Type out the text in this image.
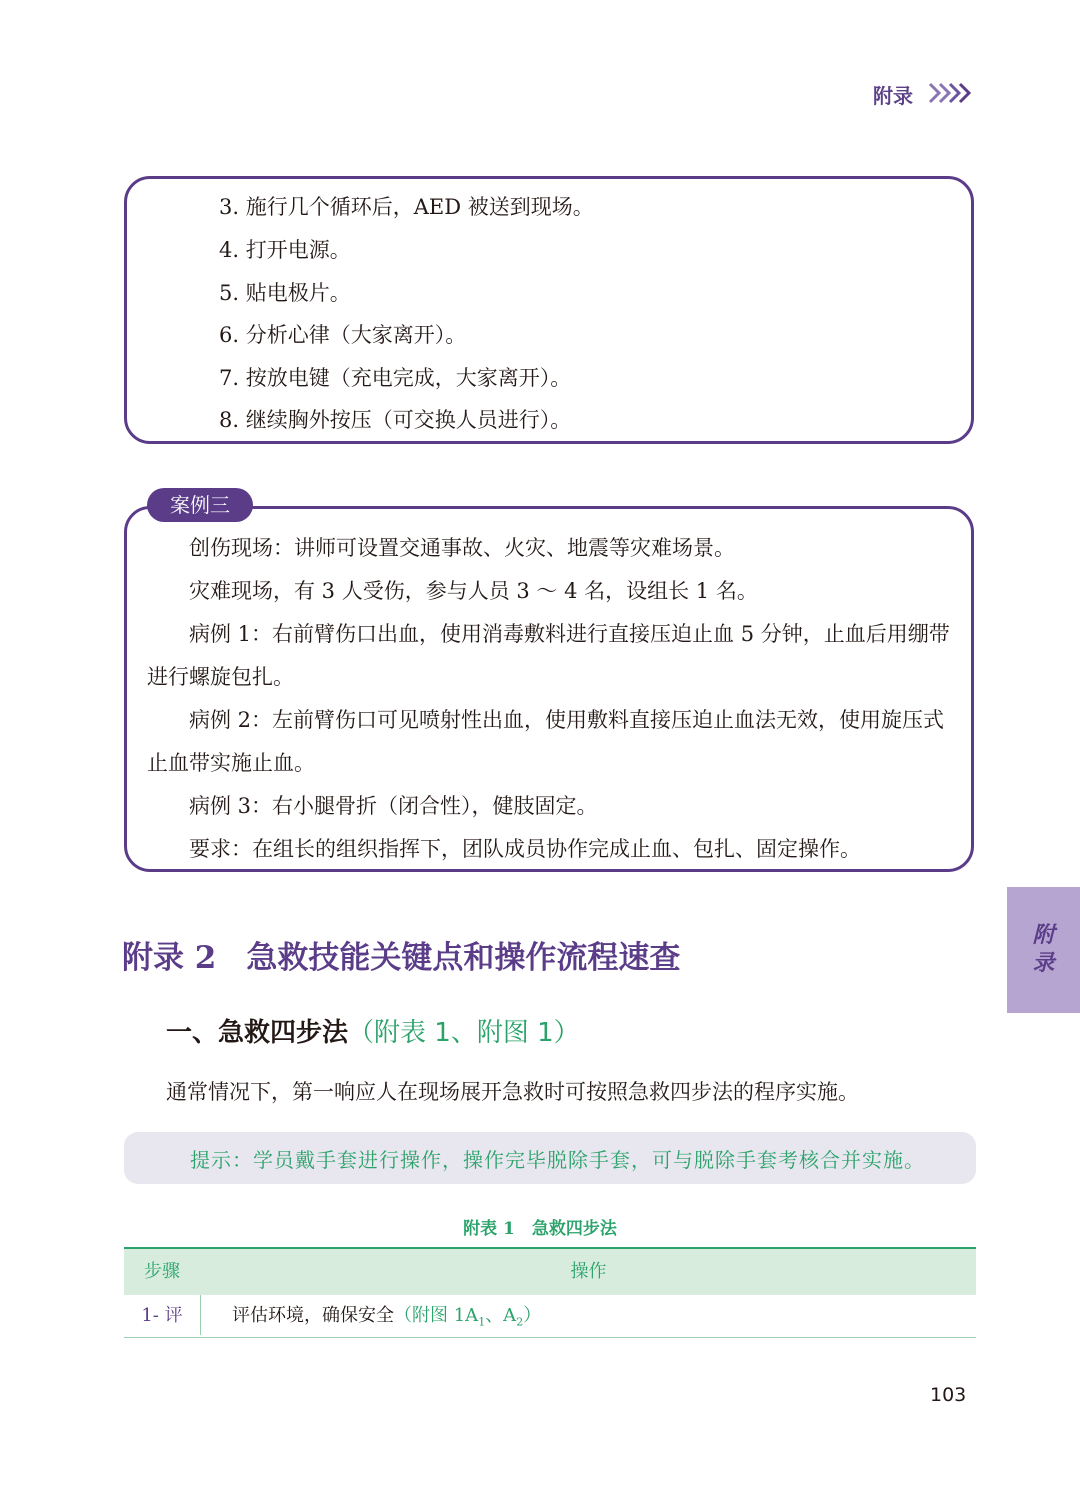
附录
3. 施行几个循环后，AED 被送到现场。
4. 打开电源。
5. 贴电极片。
6. 分析心律（大家离开）。
7. 按放电键（充电完成，大家离开）。
8. 继续胸外按压（可交换人员进行）。

创伤现场：讲师可设置交通事故、火灾、地震等灾难场景。

灾难现场，有 3 人受伤，参与人员 3 ～ 4 名，设组长 1 名。

病例 1：右前臂伤口出血，使用消毒敷料进行直接压迫止血 5 分钟，止血后用绷带进行螺旋包扎。

病例 2：左前臂伤口可见喷射性出血，使用敷料直接压迫止血法无效，使用旋压式止血带实施止血。

病例 3：右小腿骨折（闭合性），健肢固定。

要求：在组长的组织指挥下，团队成员协作完成止血、包扎、固定操作。

案例三
附
录
附录 2 急救技能关键点和操作流程速查
一、急救四步法（附表 1、附图 1）
通常情况下，第一响应人在现场展开急救时可按照急救四步法的程序实施。
提示：学员戴手套进行操作，操作完毕脱除手套，可与脱除手套考核合并实施。
附表 1　急救四步法
步骤	操作
1- 评	评估环境，确保安全（附图 $1A_1$、$A_2$）
103
